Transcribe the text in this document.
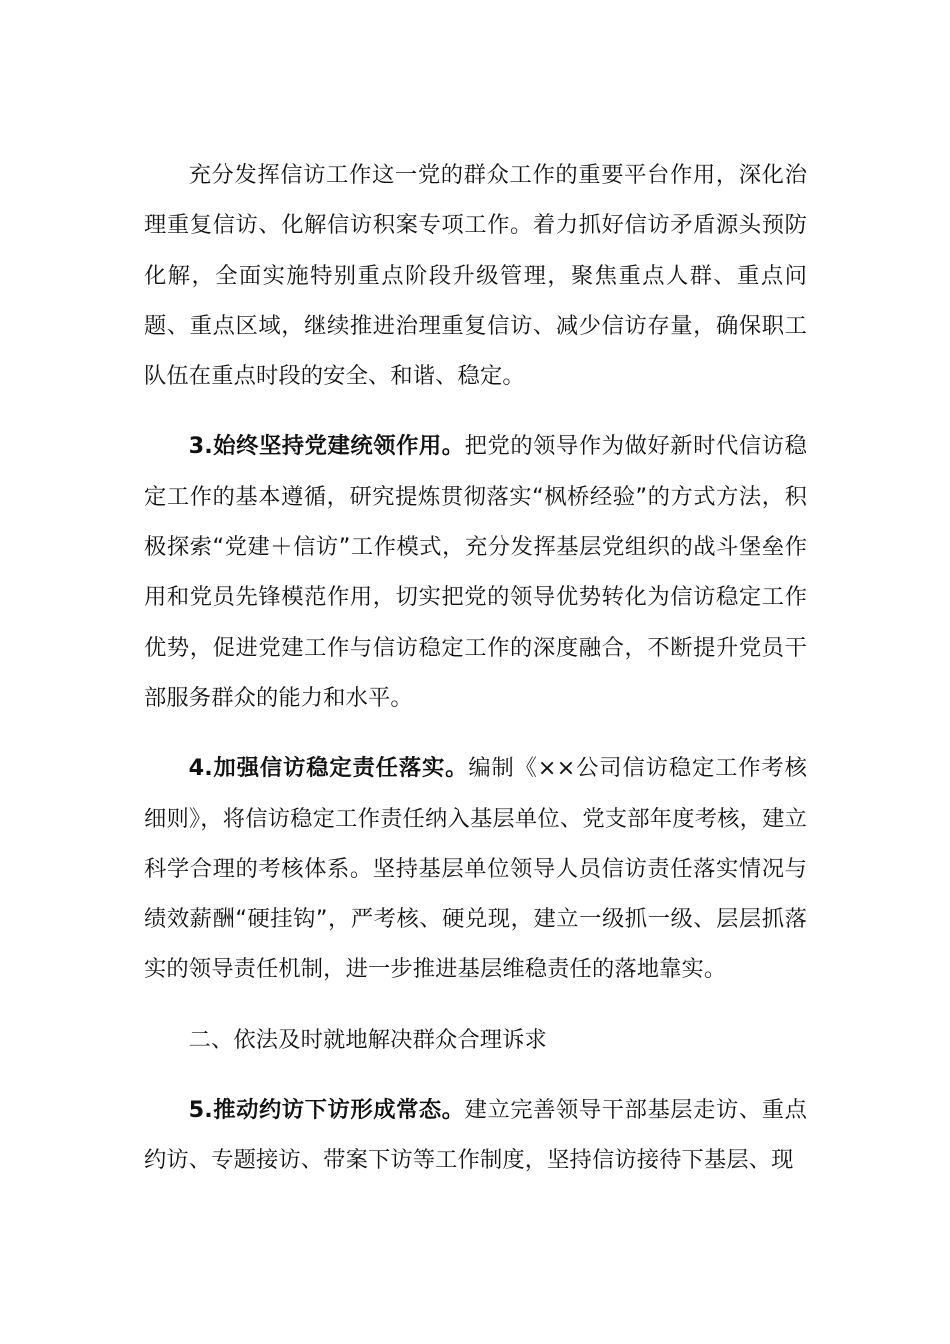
充分发挥信访工作这一党的群众工作的重要平台作用，深化治理重复信访、化解信访积案专项工作。着力抓好信访矛盾源头预防化解，全面实施特别重点阶段升级管理，聚焦重点人群、重点问题、重点区域，继续推进治理重复信访、减少信访存量，确保职工队伍在重点时段的安全、和谐、稳定。

3.始终坚持党建统领作用。把党的领导作为做好新时代信访稳定工作的基本遵循，研究提炼贯彻落实“枫桥经验”的方式方法，积极探索“党建＋信访”工作模式，充分发挥基层党组织的战斗堡垒作用和党员先锋模范作用，切实把党的领导优势转化为信访稳定工作优势，促进党建工作与信访稳定工作的深度融合，不断提升党员干部服务群众的能力和水平。

4.加强信访稳定责任落实。编制《××公司信访稳定工作考核细则》，将信访稳定工作责任纳入基层单位、党支部年度考核，建立科学合理的考核体系。坚持基层单位领导人员信访责任落实情况与绩效薪酬“硬挂钩”，严考核、硬兑现，建立一级抓一级、层层抓落实的领导责任机制，进一步推进基层维稳责任的落地靠实。

二、依法及时就地解决群众合理诉求

5.推动约访下访形成常态。建立完善领导干部基层走访、重点约访、专题接访、带案下访等工作制度，坚持信访接待下基层、现
